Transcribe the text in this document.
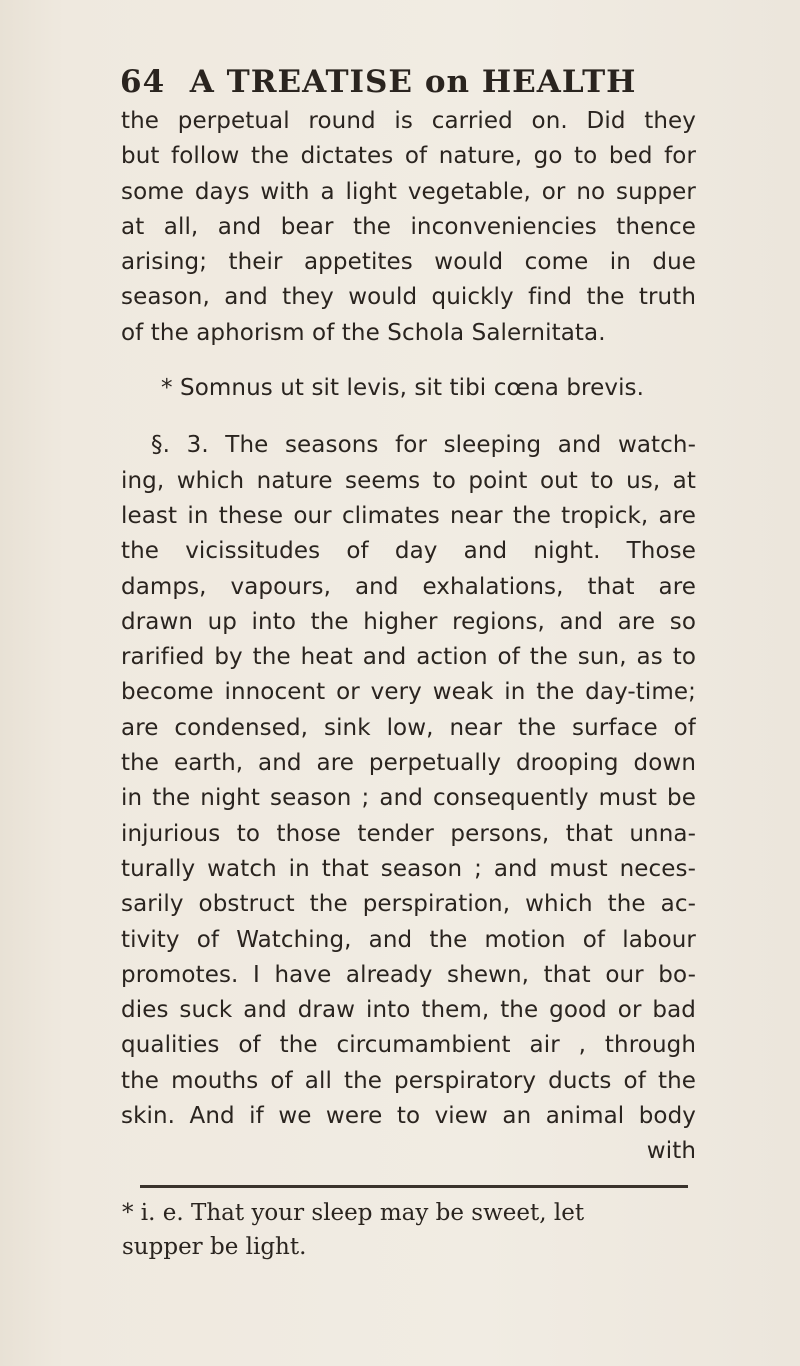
64 A TREATISE on HEALTH
the perpetual round is carried on. Did they
but follow the dictates of nature, go to bed for
some days with a light vegetable, or no supper
at all, and bear the inconveniencies thence
arising; their appetites would come in due
season, and they would quickly find the truth
of the aphorism of the Schola Salernitata.
* Somnus ut sit levis, sit tibi cœna brevis.
§. 3. The seasons for sleeping and watch-
ing, which nature seems to point out to us, at
least in these our climates near the tropick, are
the vicissitudes of day and night. Those
damps, vapours, and exhalations, that are
drawn up into the higher regions, and are so
rarified by the heat and action of the sun, as to
become innocent or very weak in the day-time;
are condensed, sink low, near the surface of
the earth, and are perpetually drooping down
in the night season ; and consequently must be
injurious to those tender persons, that unna-
turally watch in that season ; and must neces-
sarily obstruct the perspiration, which the ac-
tivity of Watching, and the motion of labour
promotes. I have already shewn, that our bo-
dies suck and draw into them, the good or bad
qualities of the circumambient air , through
the mouths of all the perspiratory ducts of the
skin. And if we were to view an animal body
with
* i. e. That your sleep may be sweet, let
supper be light.
